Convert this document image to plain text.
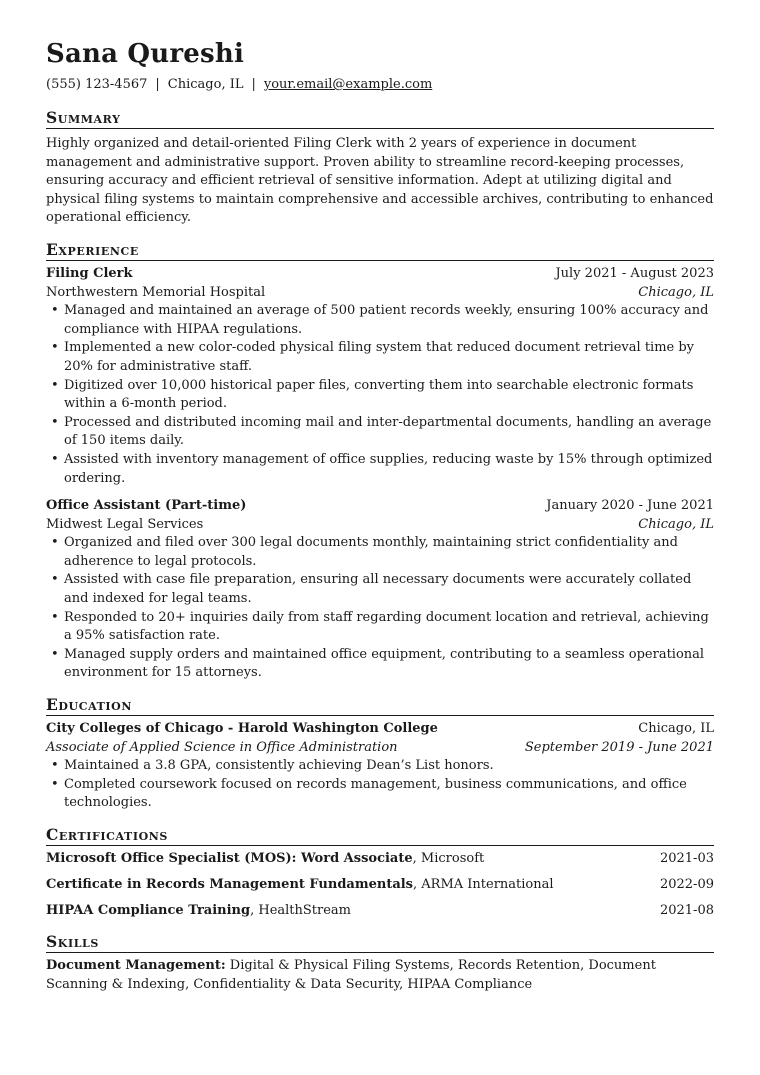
Sana Qureshi
(555) 123-4567 | Chicago, IL | your.email@example.com
Summary
Highly organized and detail-oriented Filing Clerk with 2 years of experience in document management and administrative support. Proven ability to streamline record-keeping processes, ensuring accuracy and efficient retrieval of sensitive information. Adept at utilizing digital and physical filing systems to maintain comprehensive and accessible archives, contributing to enhanced operational efficiency.
Experience
Filing Clerk	July 2021 - August 2023
Northwestern Memorial Hospital	Chicago, IL
• Managed and maintained an average of 500 patient records weekly, ensuring 100% accuracy and compliance with HIPAA regulations.
• Implemented a new color-coded physical filing system that reduced document retrieval time by 20% for administrative staff.
• Digitized over 10,000 historical paper files, converting them into searchable electronic formats within a 6-month period.
• Processed and distributed incoming mail and inter-departmental documents, handling an average of 150 items daily.
• Assisted with inventory management of office supplies, reducing waste by 15% through optimized ordering.
Office Assistant (Part-time)	January 2020 - June 2021
Midwest Legal Services	Chicago, IL
• Organized and filed over 300 legal documents monthly, maintaining strict confidentiality and adherence to legal protocols.
• Assisted with case file preparation, ensuring all necessary documents were accurately collated and indexed for legal teams.
• Responded to 20+ inquiries daily from staff regarding document location and retrieval, achieving a 95% satisfaction rate.
• Managed supply orders and maintained office equipment, contributing to a seamless operational environment for 15 attorneys.
Education
City Colleges of Chicago - Harold Washington College	Chicago, IL
Associate of Applied Science in Office Administration	September 2019 - June 2021
• Maintained a 3.8 GPA, consistently achieving Dean’s List honors.
• Completed coursework focused on records management, business communications, and office technologies.
Certifications
Microsoft Office Specialist (MOS): Word Associate, Microsoft	2021-03
Certificate in Records Management Fundamentals, ARMA International	2022-09
HIPAA Compliance Training, HealthStream	2021-08
Skills
Document Management: Digital & Physical Filing Systems, Records Retention, Document Scanning & Indexing, Confidentiality & Data Security, HIPAA Compliance
